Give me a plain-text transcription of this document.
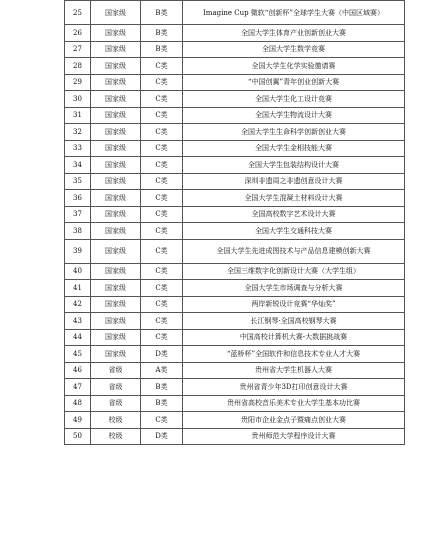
25	国家级	B类	Imagine Cup 微软“创新杯”全球学生大赛（中国区域赛）
26	国家级	B类	全国大学生体育产业创新创业大赛
27	国家级	B类	全国大学生数学竞赛
28	国家级	C类	全国大学生化学实验邀请赛
29	国家级	C类	“中国创翼”青年创业创新大赛
30	国家级	C类	全国大学生化工设计竞赛
31	国家级	C类	全国大学生物流设计大赛
32	国家级	C类	全国大学生生命科学创新创业大赛
33	国家级	C类	全国大学生金相技能大赛
34	国家级	C类	全国大学生包装结构设计大赛
35	国家级	C类	深圳非遗周之非遗创意设计大赛
36	国家级	C类	全国大学生混凝土材料设计大赛
37	国家级	C类	全国高校数字艺术设计大赛
38	国家级	C类	全国大学生交通科技大赛
39	国家级	C类	全国大学生先进成图技术与产品信息建模创新大赛
40	国家级	C类	全国三维数字化创新设计大赛（大学生组）
41	国家级	C类	全国大学生市场调查与分析大赛
42	国家级	C类	两岸新锐设计竞赛“华灿奖”
43	国家级	C类	长江钢琴·全国高校钢琴大赛
44	国家级	C类	中国高校计算机大赛-大数据挑战赛
45	国家级	D类	“蓝桥杯”全国软件和信息技术专业人才大赛
46	省级	A类	贵州省大学生机器人大赛
47	省级	B类	贵州省青少年3D打印创意设计大赛
48	省级	B类	贵州省高校音乐美术专业大学生基本功比赛
49	校级	C类	贵阳市企业金点子暨痛点创业大赛
50	校级	D类	贵州师范大学程序设计大赛
